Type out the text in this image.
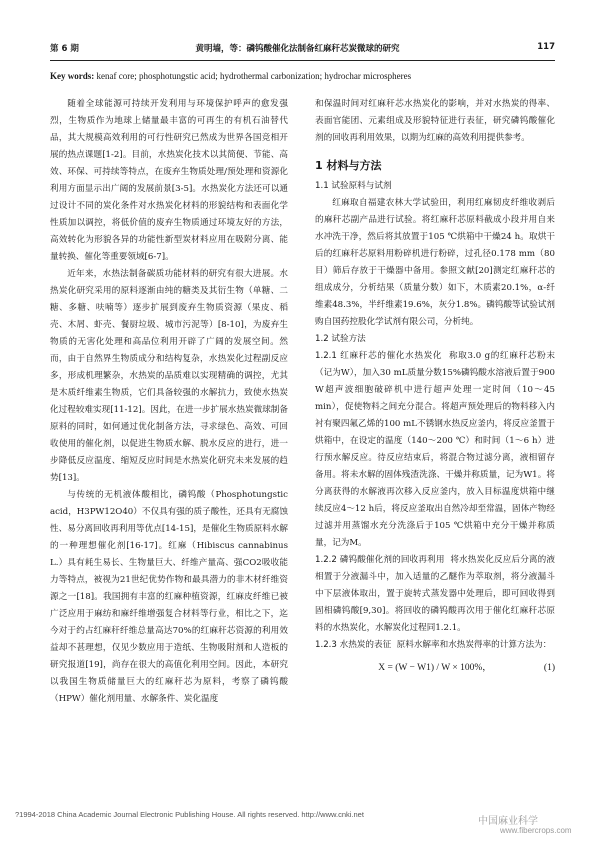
第 6 期	黄明墙，等：磷钨酸催化法制备红麻秆芯炭微球的研究	117
Key words: kenaf core; phosphotungstic acid; hydrothermal carbonization; hydrochar microspheres

随着全球能源可持续开发利用与环境保护呼声的愈发强烈，生物质作为地球上储量最丰富的可再生的有机石油替代品，其大规模高效利用的可行性研究已然成为世界各国竞相开展的热点课题[1-2]。目前，水热炭化技术以其简便、节能、高效、环保、可持续等特点，在废弃生物质处理/预处理和资源化利用方面显示出广阔的发展前景[3-5]。水热炭化方法还可以通过设计不同的炭化条件对水热炭化材料的形貌结构和表面化学性质加以调控，将低价值的废弃生物质通过环境友好的方法，高效转化为形貌各异的功能性新型炭材料应用在吸附分离、能量转换、催化等重要领域[6-7]。

近年来，水热法制备碳质功能材料的研究有很大进展。水热炭化研究采用的原料逐渐由纯的糖类及其衍生物（单糖、二糖、多糖、呋喃等）逐步扩展到废弃生物质资源（果皮、稻壳、木屑、虾壳、餐厨垃圾、城市污泥等）[8-10]，为废弃生物质的无害化处理和高品位利用开辟了广阔的发展空间。然而，由于自然界生物质成分和结构复杂，水热炭化过程副反应多，形成机理繁杂，水热炭的品质难以实现精确的调控，尤其是木质纤维素生物质，它们具备较强的水解抗力，致使水热炭化过程较难实现[11-12]。因此，在进一步扩展水热炭微球制备原料的同时，如何通过优化制备方法，寻求绿色、高效、可回收使用的催化剂，以促进生物质水解、脱水反应的进行，进一步降低反应温度、缩短反应时间是水热炭化研究未来发展的趋势[13]。

与传统的无机液体酸相比，磷钨酸（Phosphotungstic acid，H3PW12O40）不仅具有强的质子酸性，还具有无腐蚀性、易分离回收再利用等优点[14-15]，是催化生物质原料水解的一种理想催化剂[16-17]。红麻（Hibiscus cannabinus L.）具有耗生易长、生物量巨大、纤维产量高、强CO2吸收能力等特点，被视为21世纪优势作物和最具潜力的非木材纤维资源之一[18]。我国拥有丰富的红麻种植资源，红麻皮纤维已被广泛应用于麻纺和麻纤维增强复合材料等行业，相比之下，迄今对于约占红麻秆纤维总量高达70%的红麻秆芯资源的利用效益却不甚理想，仅见少数应用于造纸、生物吸附剂和人造板的研究报道[19]，尚存在很大的高值化利用空间。因此，本研究以我国生物质储量巨大的红麻秆芯为原料，考察了磷钨酸（HPW）催化剂用量、水解条件、炭化温度

和保温时间对红麻秆芯水热炭化的影响，并对水热炭的得率、表面官能团、元素组成及形貌特征进行表征，研究磷钨酸催化剂的回收再利用效果，以期为红麻的高效利用提供参考。

1 材料与方法

1.1 试验原料与试剂

红麻取自福建农林大学试验田，利用红麻韧皮纤维收剥后的麻秆芯副产品进行试验。将红麻秆芯原料截成小段并用自来水冲洗干净，然后将其放置于105 ℃烘箱中干燥24 h。取烘干后的红麻秆芯原料用粉碎机进行粉碎，过孔径0.178 mm（80 目）筛后存放于干燥器中备用。参照文献[20]测定红麻秆芯的组成成分，分析结果（质量分数）如下，木质素20.1%，α-纤维素48.3%，半纤维素19.6%，灰分1.8%。磷钨酸等试验试剂购自国药控股化学试剂有限公司，分析纯。

1.2 试验方法

1.2.1 红麻秆芯的催化水热炭化 称取3.0 g的红麻秆芯粉末（记为W），加入30 mL质量分数15%磷钨酸水溶液后置于900 W超声波细胞破碎机中进行超声处理一定时间（10～45 min），促使物料之间充分混合。将超声预处理后的物料移入内衬有聚四氟乙烯的100 mL不锈钢水热反应釜内，将反应釜置于烘箱中，在设定的温度（140～200 ℃）和时间（1～6 h）进行预水解反应。待反应结束后，将混合物过滤分离，液相留存备用。将未水解的固体残渣洗涤、干燥并称质量，记为W1。将分离获得的水解液再次移入反应釜内，放入目标温度烘箱中继续反应4～12 h后，将反应釜取出自然冷却至常温，固体产物经过滤并用蒸馏水充分洗涤后于105 ℃烘箱中充分干燥并称质量，记为M。

1.2.2 磷钨酸催化剂的回收再利用 将水热炭化反应后分离的液相置于分液漏斗中，加入适量的乙醚作为萃取剂，将分液漏斗中下层液体取出，置于旋转式蒸发器中处理后，即可回收得到固相磷钨酸[9,30]。将回收的磷钨酸再次用于催化红麻秆芯原料的水热炭化，水解炭化过程同1.2.1。

1.2.3 水热炭的表征 原料水解率和水热炭得率的计算方法为：

X = (W − W1) / W × 100%，	(1)
?1994-2018 China Academic Journal Electronic Publishing House. All rights reserved. http://www.cnki.net
中国麻业科学
www.fibercrops.com
